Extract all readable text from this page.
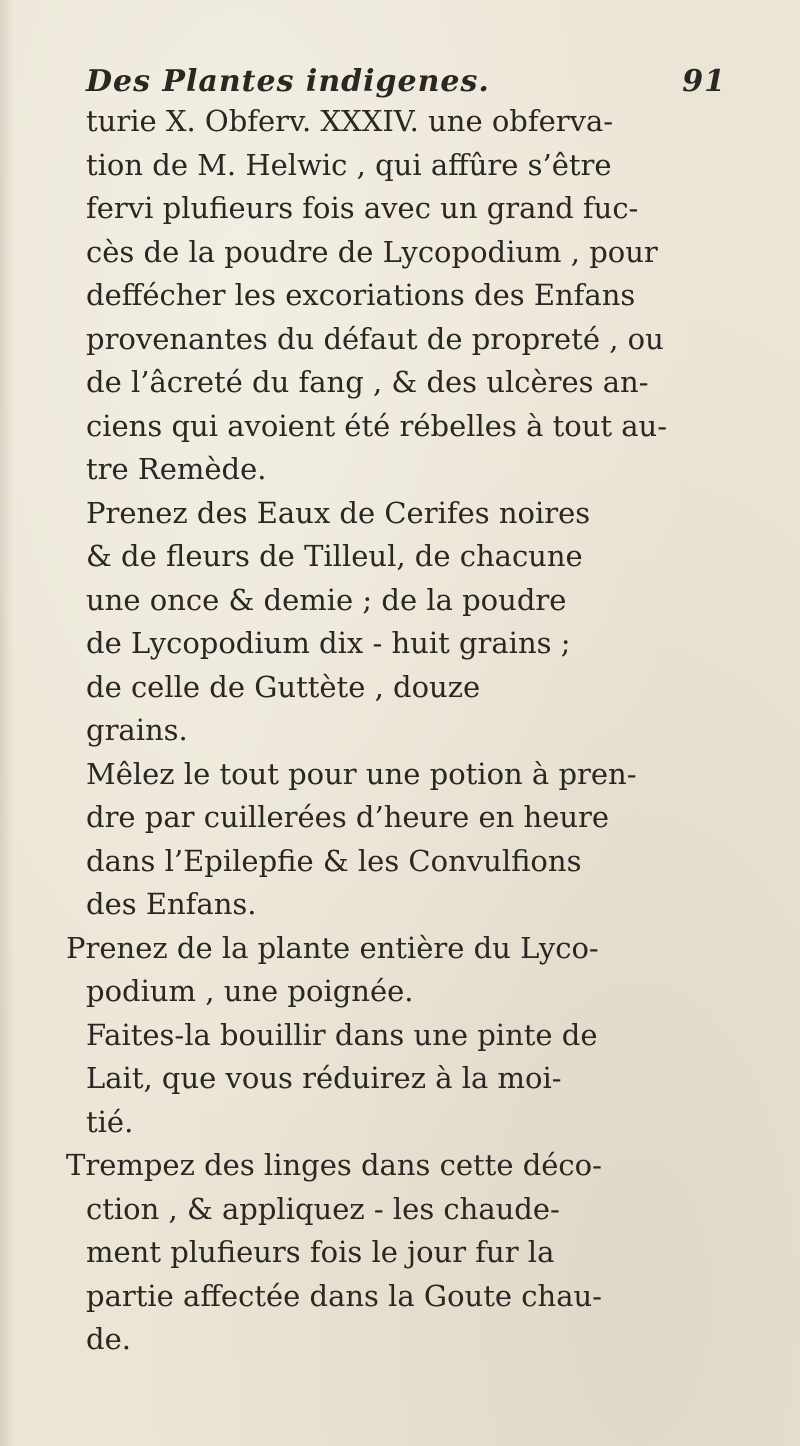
Des Plantes indigenes.	91
turie X. Obferv. XXXIV. une obferva-
tion de M. Helwic , qui affûre s’être
fervi plufieurs fois avec un grand fuc-
cès de la poudre de Lycopodium , pour
deffécher les excoriations des Enfans
provenantes du défaut de propreté , ou
de l’âcreté du fang , & des ulcères an-
ciens qui avoient été rébelles à tout au-
tre Remède.
Prenez des Eaux de Cerifes noires
& de fleurs de Tilleul, de chacune
une once & demie ; de la poudre
de Lycopodium dix - huit grains ;
de celle de Guttète , douze
grains.
Mêlez le tout pour une potion à pren-
dre par cuillerées d’heure en heure
dans l’Epilepfie & les Convulfions
des Enfans.
Prenez de la plante entière du Lyco-
podium , une poignée.
Faites-la bouillir dans une pinte de
Lait, que vous réduirez à la moi-
tié.
Trempez des linges dans cette déco-
ction , & appliquez - les chaude-
ment plufieurs fois le jour fur la
partie affectée dans la Goute chau-
de.
